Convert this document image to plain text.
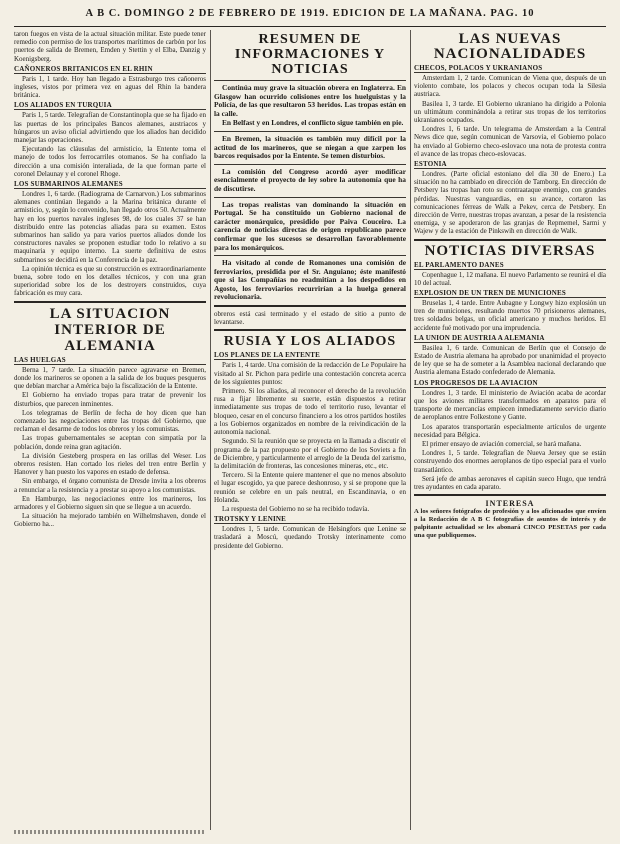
A B C. DOMINGO 2 DE FEBRERO DE 1919. EDICION DE LA MAÑANA. PAG. 10

taron fuegos en vista de la actual situación militar. Este puede tener remedio con permiso de los transportes marítimos de carbón por los puertos de salida de Bremen, Emden y Stettin y el Elba, Danzig y Koenigsberg.

CAÑONEROS BRITANICOS EN EL RHIN

Paris 1, 1 tarde. Hoy han llegado a Estrasburgo tres cañoneros ingleses, vistos por primera vez en aguas del Rhin la bandera británica.

LOS ALIADOS EN TURQUIA

Paris 1, 5 tarde. Telegrafían de Constantinopla que se ha fijado en las puertas de los principales Bancos alemanes, austriacos y húngaros un aviso oficial advirtiendo que los aliados han decidido manejar las operaciones.

Ejecutando las cláusulas del armisticio, la Entente toma el manejo de todos los ferrocarriles otomanos. Se ha confiado la dirección a una comisión interaliada, de la que forman parte el coronel Delaunay y el coronel Rhoge.

LOS SUBMARINOS ALEMANES

Londres 1, 6 tarde. (Radiograma de Carnarvon.) Los submarinos alemanes continúan llegando a la Marina británica durante el armisticio, y, según lo convenido, han llegado otros 50. Actualmente hay en los puertos navales ingleses 98, de los cuales 37 se han distribuido entre las potencias aliadas para su examen. Estos submarinos han salido ya para varios puertos aliados donde los constructores navales se proponen estudiar todo lo relativo a su maquinaria y equipo interno. La suerte definitiva de estos submarinos se decidirá en la Conferencia de la paz.

La opinión técnica es que su construcción es extraordinariamente buena, sobre todo en los detalles técnicos, y con una gran superioridad sobre los de los destroyers construidos, cuya fabricación es muy cara.

LA SITUACION INTERIOR DE ALEMANIA
LAS HUELGAS

Berna 1, 7 tarde. La situación parece agravarse en Bremen, donde los marineros se oponen a la salida de los buques pesqueros que debían marchar a América bajo la fiscalización de la Entente.

El Gobierno ha enviado tropas para tratar de prevenir los disturbios, que parecen inminentes.

Los telegramas de Berlín de fecha de hoy dicen que han comenzado las negociaciones entre las tropas del Gobierno, que reclaman el desarme de todos los obreros y los comunistas.

Las tropas gubernamentales se aceptan con simpatía por la población, donde reina gran agitación.

La división Gesteberg prospera en las orillas del Weser. Los obreros resisten. Han cortado los rieles del tren entre Berlín y Hanover y han puesto los vapores en estado de defensa.

Sin embargo, el órgano comunista de Dresde invita a los obreros a renunciar a la resistencia y a prestar su apoyo a los comunistas.

En Hamburgo, las negociaciones entre los marineros, los armadores y el Gobierno siguen sin que se llegue a un acuerdo.

La situación ha mejorado también en Wilhelmshaven, donde el Gobierno ha...

RESUMEN DE INFORMACIONES Y NOTICIAS

Continúa muy grave la situación obrera en Inglaterra. En Glasgow han ocurrido colisiones entre los huelguistas y la Policía, de las que resultaron 53 heridos. Las tropas están en la calle.

En Belfast y en Londres, el conflicto sigue también en pie.

En Bremen, la situación es también muy difícil por la actitud de los marineros, que se niegan a que zarpen los barcos requisados por la Entente. Se temen disturbios.

La comisión del Congreso acordó ayer modificar esencialmente el proyecto de ley sobre la autonomía que ha de discutirse.

Las tropas realistas van dominando la situación en Portugal. Se ha constituido un Gobierno nacional de carácter monárquico, presidido por Paiva Couceiro. La carencia de noticias directas de origen republicano parece confirmar que los sucesos se desarrollan favorablemente para los monárquicos.

Ha visitado al conde de Romanones una comisión de ferroviarios, presidida por el Sr. Anguiano; éste manifestó que si las Compañías no readmitían a los despedidos en Agosto, los ferroviarios recurrirían a la huelga general revolucionaria.

obreros está casi terminado y el estado de sitio a punto de levantarse.

RUSIA Y LOS ALIADOS
LOS PLANES DE LA ENTENTE

Paris 1, 4 tarde. Una comisión de la redacción de Le Populaire ha visitado al Sr. Pichon para pedirle una contestación concreta acerca de los siguientes puntos:

Primero. Si los aliados, al reconocer el derecho de la revolución rusa a fijar libremente su suerte, están dispuestos a retirar inmediatamente sus tropas de todo el territorio ruso, levantar el bloqueo, cesar en el concurso financiero a los otros partidos hostiles a los Gobiernos organizados en nombre de la reivindicación de la autonomía nacional.

Segundo. Si la reunión que se proyecta en la llamada a discutir el programa de la paz propuesto por el Gobierno de los Soviets a fin de Diciembre, y particularmente el arreglo de la Deuda del zarismo, la delimitación de fronteras, las concesiones mineras, etc., etc.

Tercero. Si la Entente quiere mantener el que no menos absoluto el lugar escogido, ya que parece deshonroso, y si se propone que la reunión se celebre en un país neutral, en Escandinavia, o en Holanda.

La respuesta del Gobierno no se ha recibido todavía.

TROTSKY Y LENINE

Londres 1, 5 tarde. Comunican de Helsingfors que Lenine se trasladará a Moscú, quedando Trotsky interinamente como presidente del Gobierno.

LAS NUEVAS NACIONALIDADES
CHECOS, POLACOS Y UKRANIANOS

Amsterdam 1, 2 tarde. Comunican de Viena que, después de un violento combate, los polacos y checos ocupan toda la Silesia austriaca.

Basilea 1, 3 tarde. El Gobierno ukraniano ha dirigido a Polonia un ultimátum conminándola a retirar sus tropas de los territorios ukranianos ocupados.

Londres 1, 6 tarde. Un telegrama de Amsterdam a la Central News dice que, según comunican de Varsovia, el Gobierno polaco ha enviado al Gobierno checo-eslovaco una nota de protesta contra el avance de las tropas checo-eslovacas.

ESTONIA

Londres. (Parte oficial estoniano del día 30 de Enero.) La situación no ha cambiado en dirección de Tamborg. En dirección de Petsbery las tropas han roto su contraataque enemigo, con grandes pérdidas. Nuestras vanguardias, en su avance, cortaron las comunicaciones férreas de Walk a Pekev, cerca de Petsbery. En dirección de Verre, nuestras tropas avanzan, a pesar de la resistencia enemiga, y se apoderaron de las granjas de Repmemel, Sarmi y Wajew y de la estación de Pinkswih en dirección de Walk.

NOTICIAS DIVERSAS
EL PARLAMENTO DANES

Copenhague 1, 12 mañana. El nuevo Parlamento se reunirá el día 10 del actual.

EXPLOSION DE UN TREN DE MUNICIONES

Bruselas 1, 4 tarde. Entre Aubagne y Longwy hizo explosión un tren de municiones, resultando muertos 70 prisioneros alemanes, tres soldados belgas, un oficial americano y muchos heridos. El accidente fué motivado por una imprudencia.

LA UNION DE AUSTRIA A ALEMANIA

Basilea 1, 6 tarde. Comunican de Berlín que el Consejo de Estado de Austria alemana ha aprobado por unanimidad el proyecto de ley que se ha de someter a la Asamblea nacional declarando que Austria alemana Estado confederado de Alemania.

LOS PROGRESOS DE LA AVIACION

Londres 1, 3 tarde. El ministerio de Aviación acaba de acordar que los aviones militares transformados en aparatos para el transporte de mercancías empiecen inmediatamente servicio diario de aeroplanos entre Folkestone y Gante.

Los aparatos transportarán especialmente artículos de urgente necesidad para Bélgica.

El primer ensayo de aviación comercial, se hará mañana.

Londres 1, 5 tarde. Telegrafían de Nueva Jersey que se están construyendo dos enormes aeroplanos de tipo especial para el vuelo transatlántico.

Será jefe de ambas aeronaves el capitán sueco Hugo, que tendrá tres ayudantes en cada aparato.

INTERESA
A los señores fotógrafos de profesión y a los aficionados que envíen a la Redacción de A B C fotografías de asuntos de interés y de palpitante actualidad se les abonará CINCO PESETAS por cada una que publiquemos.
